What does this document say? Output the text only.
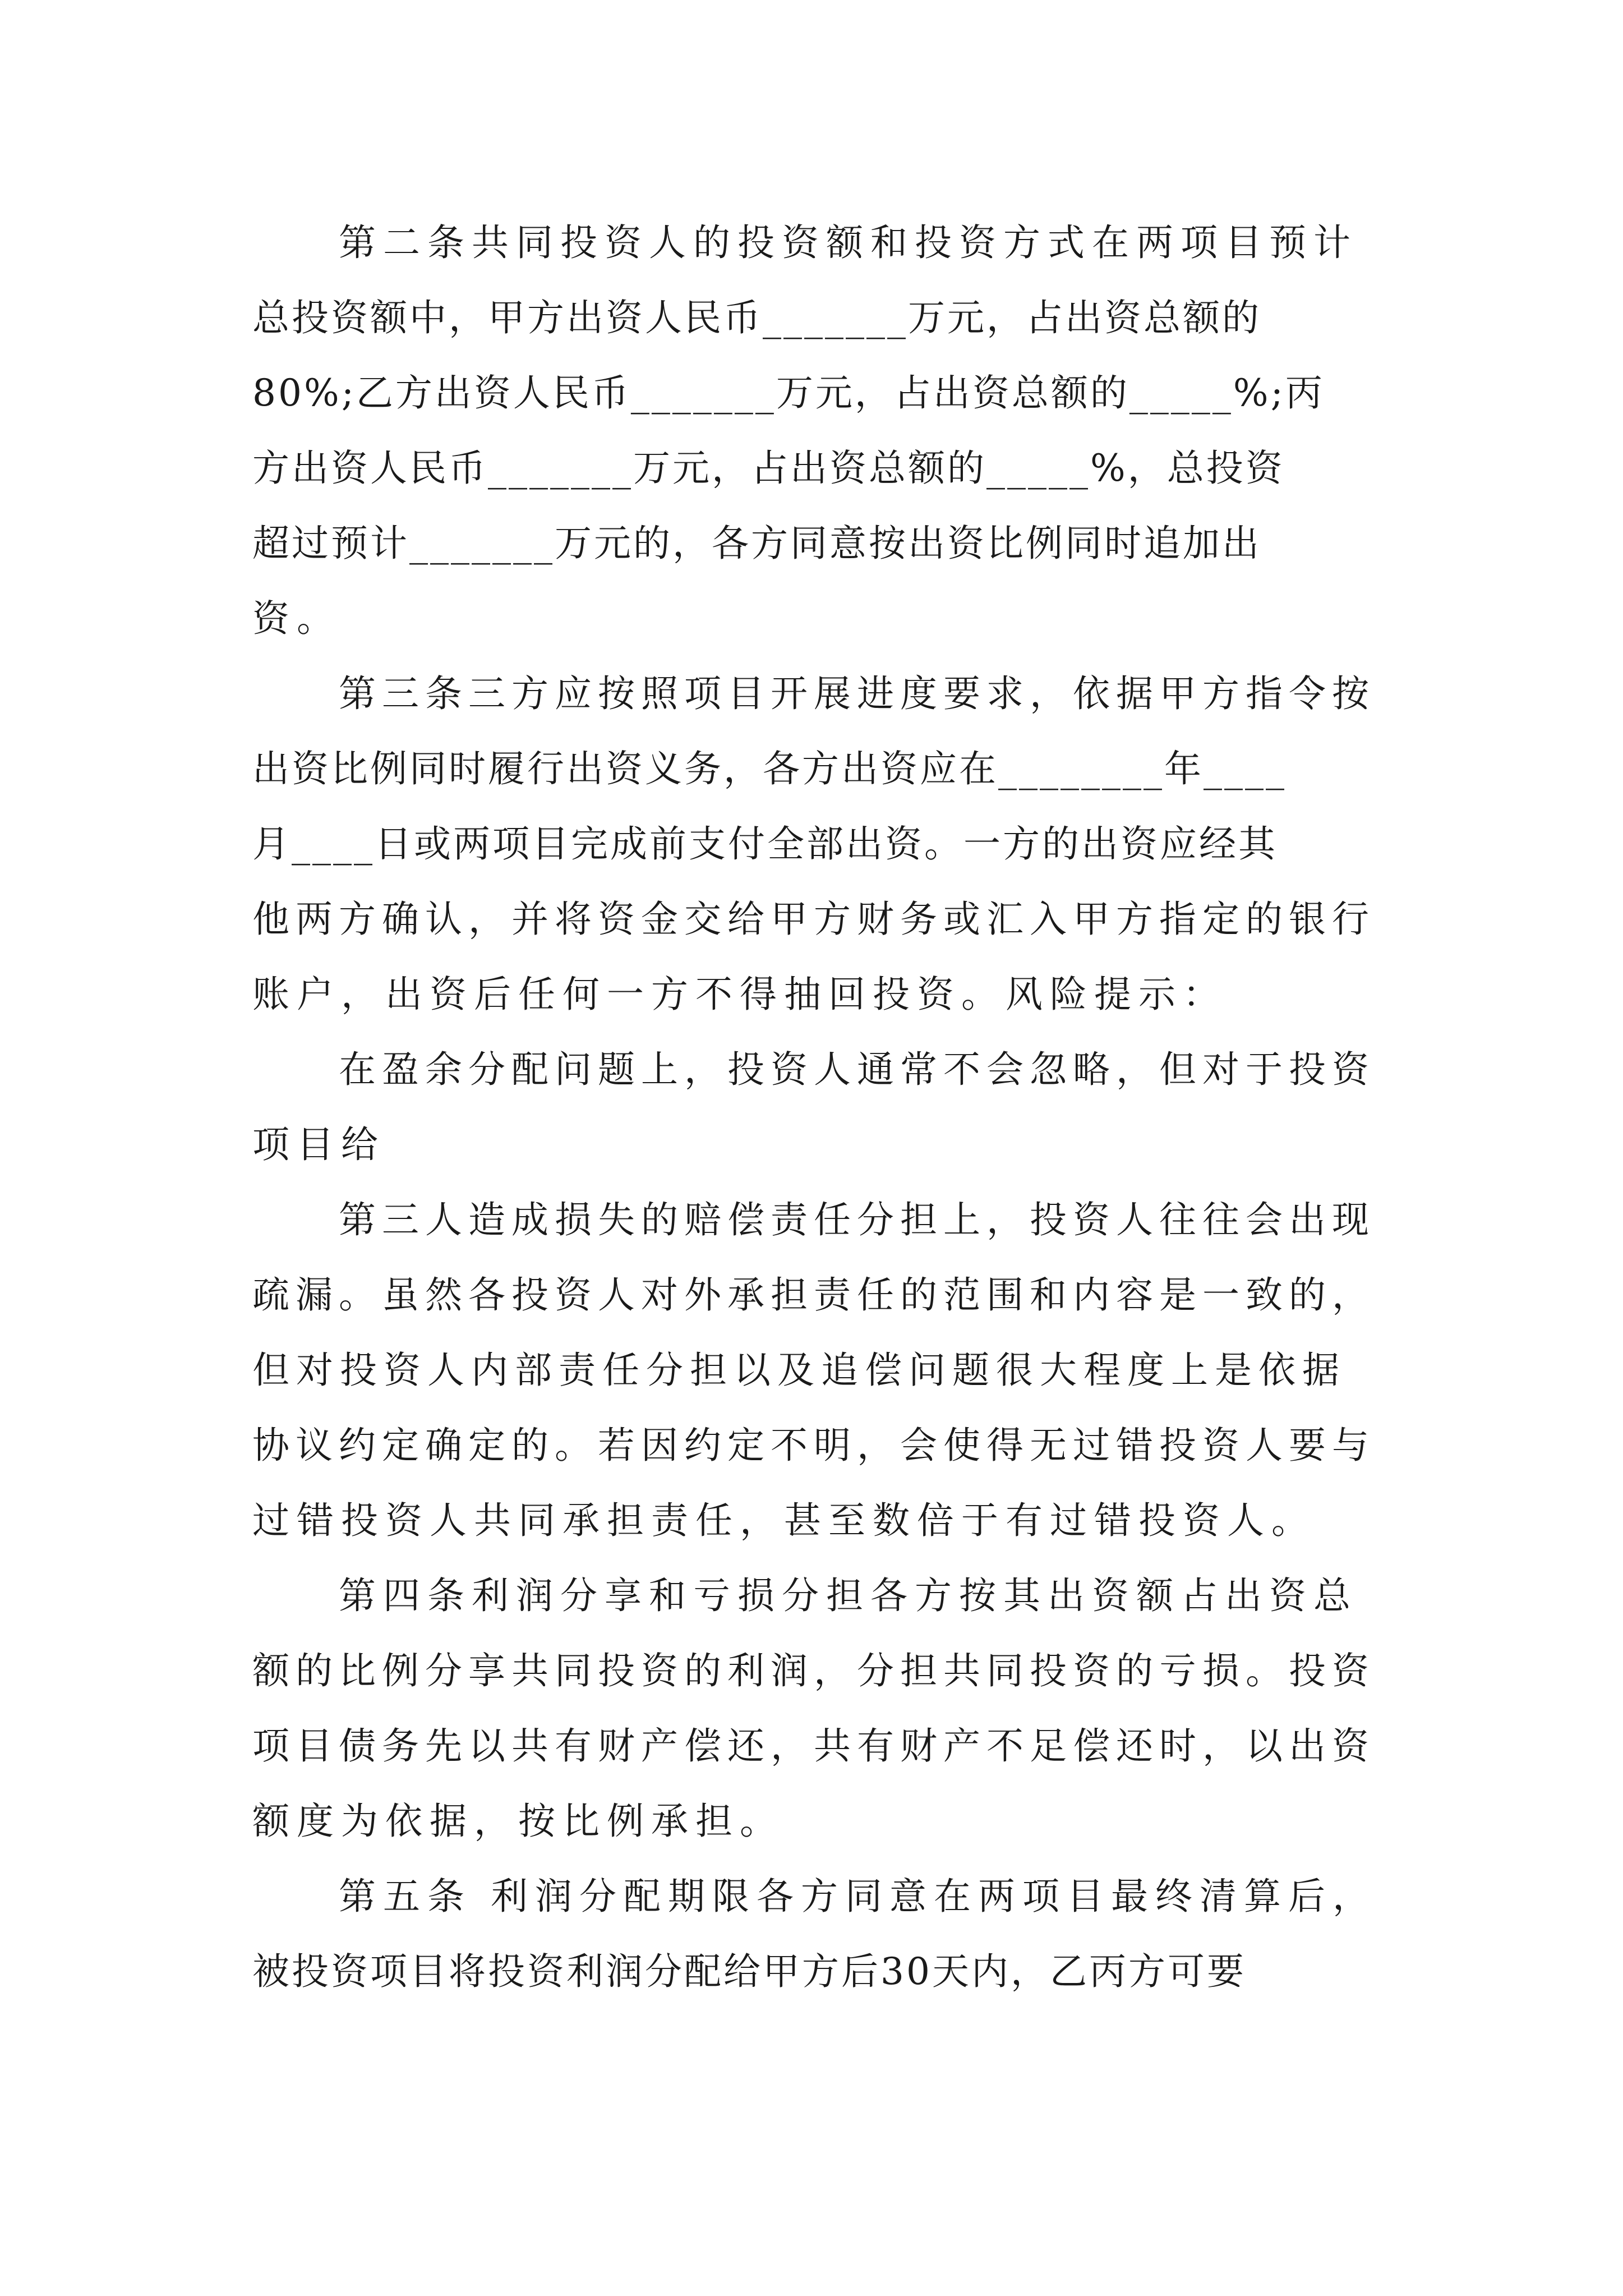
第二条共同投资人的投资额和投资方式在两项目预计
总投资额中，甲方出资人民币_______万元，占出资总额的
80%;乙方出资人民币_______万元，占出资总额的_____%;丙
方出资人民币_______万元，占出资总额的_____%，总投资
超过预计_______万元的，各方同意按出资比例同时追加出
资。
第三条三方应按照项目开展进度要求，依据甲方指令按
出资比例同时履行出资义务，各方出资应在________年____
月____日或两项目完成前支付全部出资。一方的出资应经其
他两方确认，并将资金交给甲方财务或汇入甲方指定的银行
账户，出资后任何一方不得抽回投资。风险提示：
在盈余分配问题上，投资人通常不会忽略，但对于投资
项目给
第三人造成损失的赔偿责任分担上，投资人往往会出现
疏漏。虽然各投资人对外承担责任的范围和内容是一致的，
但对投资人内部责任分担以及追偿问题很大程度上是依据
协议约定确定的。若因约定不明，会使得无过错投资人要与
过错投资人共同承担责任，甚至数倍于有过错投资人。
第四条利润分享和亏损分担各方按其出资额占出资总
额的比例分享共同投资的利润，分担共同投资的亏损。投资
项目债务先以共有财产偿还，共有财产不足偿还时，以出资
额度为依据，按比例承担。
第五条 利润分配期限各方同意在两项目最终清算后，
被投资项目将投资利润分配给甲方后30天内，乙丙方可要
